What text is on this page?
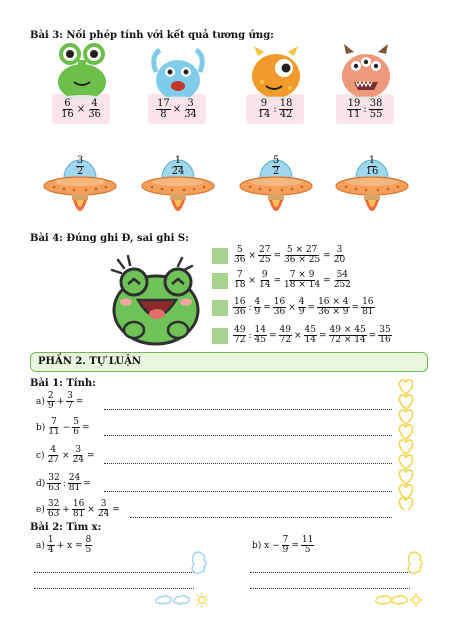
Bài 3: Nối phép tính với kết quả tương ứng:
$\frac{6}{16} \times \frac{4}{36}$	$\frac{17}{8} \times \frac{3}{34}$	$\frac{9}{14}$ : $\frac{18}{42}$	$\frac{19}{11}$ : $\frac{38}{55}$
$\frac{3}{2}$	$\frac{1}{24}$	$\frac{5}{2}$	$\frac{1}{16}$
Bài 4: Đúng ghi Đ, sai ghi S:
$\frac{5}{36} \times \frac{27}{25} = \frac{5 \times 27}{36 \times 25} = \frac{3}{20}$
$\frac{7}{18} \times \frac{9}{14} = \frac{7 \times 9}{18 \times 14} = \frac{54}{252}$
$\frac{16}{36}$ : $\frac{4}{9} = \frac{16}{36} \times \frac{4}{9} = \frac{16 \times 4}{36 \times 9} = \frac{16}{81}$
$\frac{49}{72}$ : $\frac{14}{45} = \frac{49}{72} \times \frac{45}{14} = \frac{49 \times 45}{72 \times 14} = \frac{35}{16}$
PHẦN 2. TỰ LUẬN
Bài 1: Tính:
$a) \frac{2}{9} + \frac{3}{7}$ =
$b) \frac{7}{11} - \frac{5}{6}$ =
$c) \frac{4}{27} \times \frac{3}{24}$ =
$d) \frac{32}{63}$ : $\frac{24}{81}$ =
$e) \frac{32}{63} + \frac{16}{81} \times \frac{3}{24}$ =
Bài 2: Tìm x:
$a) \frac{1}{4} + x = \frac{8}{5}$	b) $x - \frac{7}{9} = \frac{11}{5}$
